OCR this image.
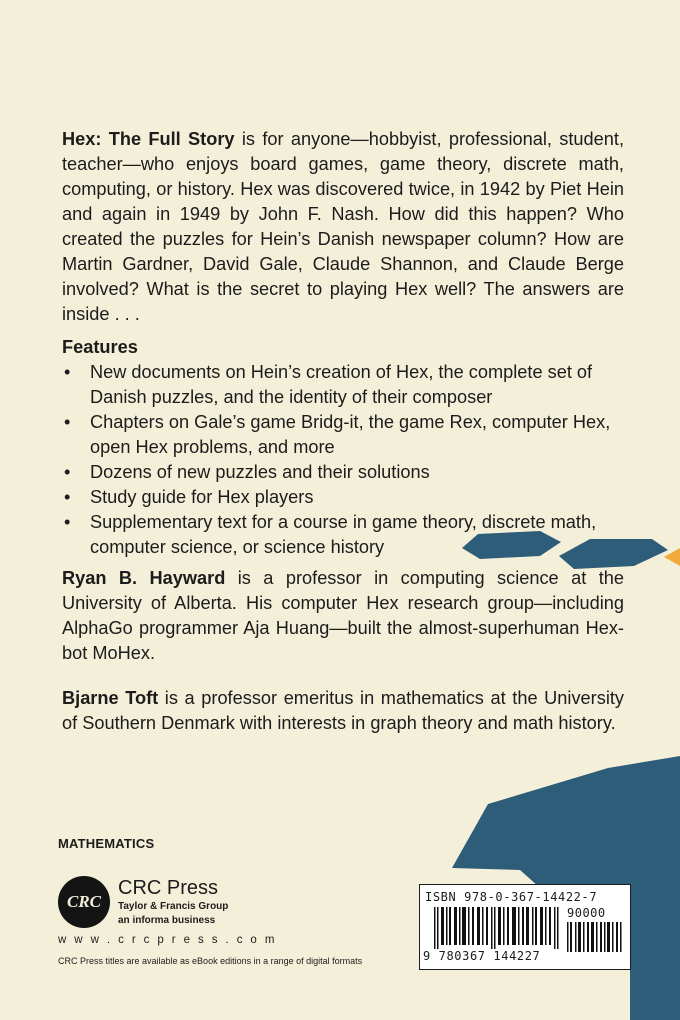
Hex: The Full Story is for anyone—hobbyist, professional, student, teacher—who enjoys board games, game theory, discrete math, computing, or history. Hex was discovered twice, in 1942 by Piet Hein and again in 1949 by John F. Nash. How did this happen? Who created the puzzles for Hein’s Danish newspaper column? How are Martin Gardner, David Gale, Claude Shannon, and Claude Berge involved? What is the secret to playing Hex well? The answers are inside . . .
Features
• New documents on Hein’s creation of Hex, the complete set of Danish puzzles, and the identity of their composer
• Chapters on Gale’s game Bridg-it, the game Rex, computer Hex, open Hex problems, and more
• Dozens of new puzzles and their solutions
• Study guide for Hex players
• Supplementary text for a course in game theory, discrete math, computer science, or science history
Ryan B. Hayward is a professor in computing science at the University of Alberta. His computer Hex research group—including AlphaGo programmer Aja Huang—built the almost-superhuman Hex-bot MoHex.
Bjarne Toft is a professor emeritus in mathematics at the University of Southern Denmark with interests in graph theory and math history.
MATHEMATICS
CRC
CRC Press
Taylor & Francis Group
an informa business
w w w . c r c p r e s s . c o m
CRC Press titles are available as eBook editions in a range of digital formats
ISBN 978-0-367-14422-7
90000
9 780367 144227
